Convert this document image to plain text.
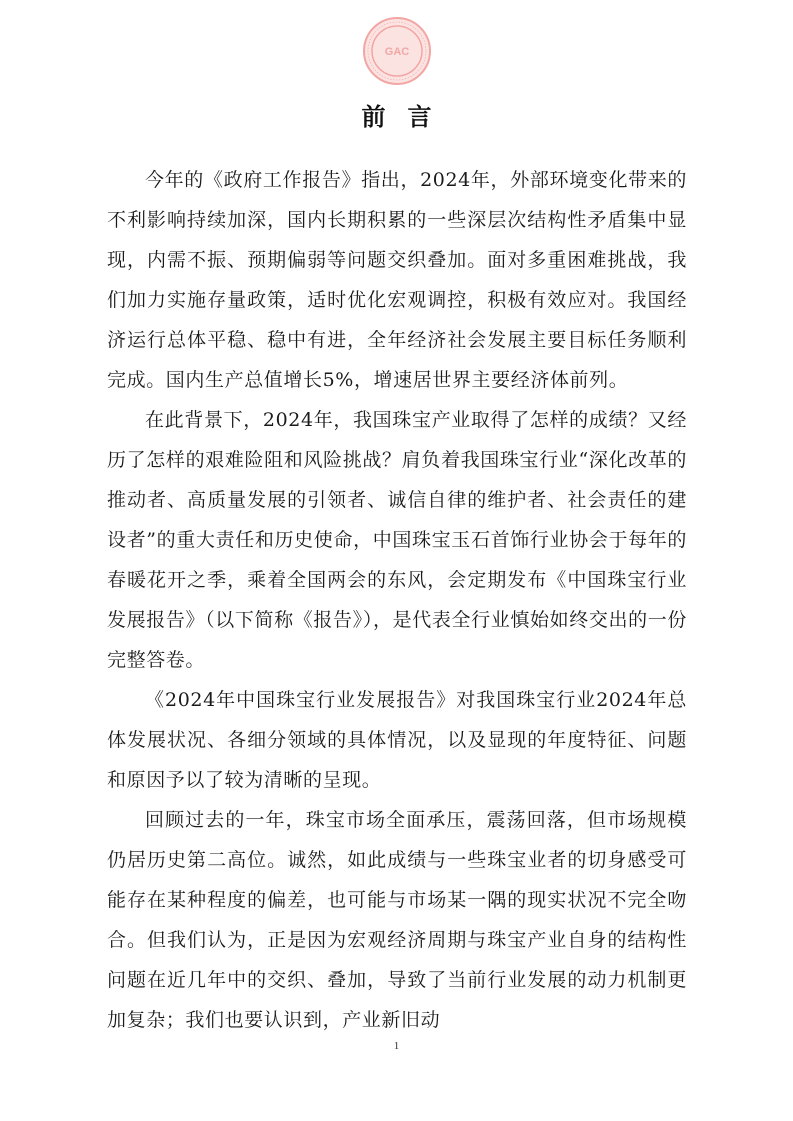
GAC
前言

今年的《政府工作报告》指出，2024年，外部环境变化带来的不利影响持续加深，国内长期积累的一些深层次结构性矛盾集中显现，内需不振、预期偏弱等问题交织叠加。面对多重困难挑战，我们加力实施存量政策，适时优化宏观调控，积极有效应对。我国经济运行总体平稳、稳中有进，全年经济社会发展主要目标任务顺利完成。国内生产总值增长5%，增速居世界主要经济体前列。

在此背景下，2024年，我国珠宝产业取得了怎样的成绩？又经历了怎样的艰难险阻和风险挑战？肩负着我国珠宝行业“深化改革的推动者、高质量发展的引领者、诚信自律的维护者、社会责任的建设者”的重大责任和历史使命，中国珠宝玉石首饰行业协会于每年的春暖花开之季，乘着全国两会的东风，会定期发布《中国珠宝行业发展报告》（以下简称《报告》），是代表全行业慎始如终交出的一份完整答卷。

《2024年中国珠宝行业发展报告》对我国珠宝行业2024年总体发展状况、各细分领域的具体情况，以及显现的年度特征、问题和原因予以了较为清晰的呈现。

回顾过去的一年，珠宝市场全面承压，震荡回落，但市场规模仍居历史第二高位。诚然，如此成绩与一些珠宝业者的切身感受可能存在某种程度的偏差，也可能与市场某一隅的现实状况不完全吻合。但我们认为，正是因为宏观经济周期与珠宝产业自身的结构性问题在近几年中的交织、叠加，导致了当前行业发展的动力机制更加复杂；我们也要认识到，产业新旧动

1
